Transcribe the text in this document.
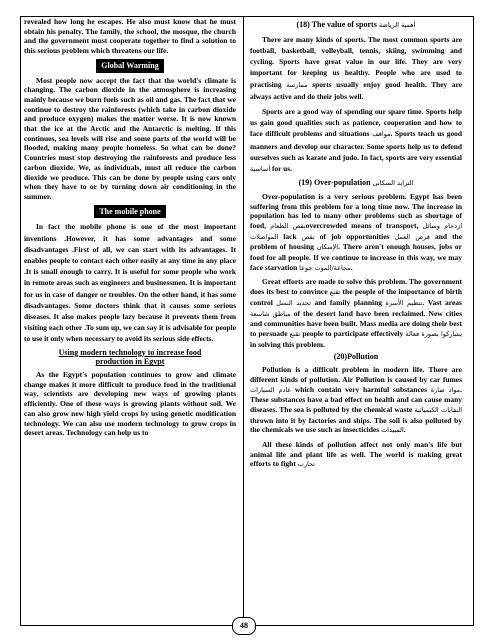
revealed how long he escapes. He also must know that he must obtain his penalty. The family, the school, the mosque, the church and the government must cooperate together to find a solution to this serious problem which threatens our life.

Global Warming

Most people now accept the fact that the world's climate is changing. The carbon dioxide in the atmosphere is increasing mainly because we burn fuels such as oil and gas. The fact that we continue to destroy the rainforests (which take in carbon dioxide and produce oxygen) makes the matter worse. It is now known that the ice at the Arctic and the Antarctic is melting. If this continues, sea levels will rise and some parts of the world will be flooded, making many people homeless. So what can be done? Countries must stop destroying the rainforests and produce less carbon dioxide. We, as individuals, must all reduce the carbon dioxide we produce. This can be done by people using cars only when they have to or by turning down air conditioning in the summer.

The mobile phone

In fact the mobile phone is one of the most important inventions .However, it has some advantages and some disadvantages .First of all, we can start with its advantages. It enables people to contact each other easily at any time in any place .It is small enough to carry. It is useful for some people who work in remote areas such as engineers and businessmen. It is important for us in case of danger or troubles. On the other hand, it has some disadvantages. Some doctors think that it causes some serious diseases. It also makes people lazy because it prevents them from visiting each other .To sum up, we can say it is advisable for people to use it only when necessary to avoid its serious side effects.

Using modern technology to increase food
production in Egypt

As the Egypt's population continues to grow and climate change makes it more difficult to produce food in the traditional way, scientists are developing new ways of growing plants efficiently. One of these ways is growing plants without soil. We can also grow new high yield crops by using genetic modification technology. We can also use modern technology to grow crops in desert areas. Technology can help us to

(18) The value of sports أهمية الرياضة

There are many kinds of sports. The most common sports are football, basketball, volleyball, tennis, skiing, swimming and cycling. Sports have great value in our life. They are very important for keeping us healthy. People who are used to practising ممارسة sports usually enjoy good health. They are always active and do their jobs well.

Sports are a good way of spending our spare time. Sports help us gain good qualities such as patience, cooperation and how to face difficult problems and situations مواقف. Sports teach us good manners and develop our character. Some sports help us to defend ourselves such as karate and judo. In fact, sports are very essential أساسية for us.

(19) Over-population التزايد السكانى

Over-population is a very serious problem. Egypt has been suffering from this problem for a long time now. The increase in population has led to many other problems such as shortage of food,	نقص الطعام overcrowded means of transport, ازدحام وسائل المواصلات lack نقص of job opportunities فرص العمل and the problem of housing الإسكان. There aren't enough houses, jobs or food for all people. If we continue to increase in this way, we may face starvation مجاعة/الموت جوعا.

Great efforts are made to solve this problem. The government does its best to convince تقنع the people of the importance of birth control تحديد النسل and family planning تنظيم الأسرة. Vast areas مناطق شاسعة	of the desert land have been reclaimed. New cities and communities have been built. Mass media are doing their best to persuade تقنع people to participate effectively يشاركوا بصورة فعالة in solving this problem.

(20)Pollution

Pollution is a difficult problem in modern life. There are different kinds of pollution. Air Pollution is caused by car fumes عادم السيارات which contain very harmful substances مواد ضارة. These substances have a bad effect on health and can cause many diseases. The sea is polluted by the chemical waste النفايات الكيميائية thrown into it by factories and ships. The soil is also polluted by the chemicals we use such as insecticides المبيدات.

All these kinds of pollution affect not only man's life but animal life and plant life as well. The world is making great efforts to fight تحارب

48
